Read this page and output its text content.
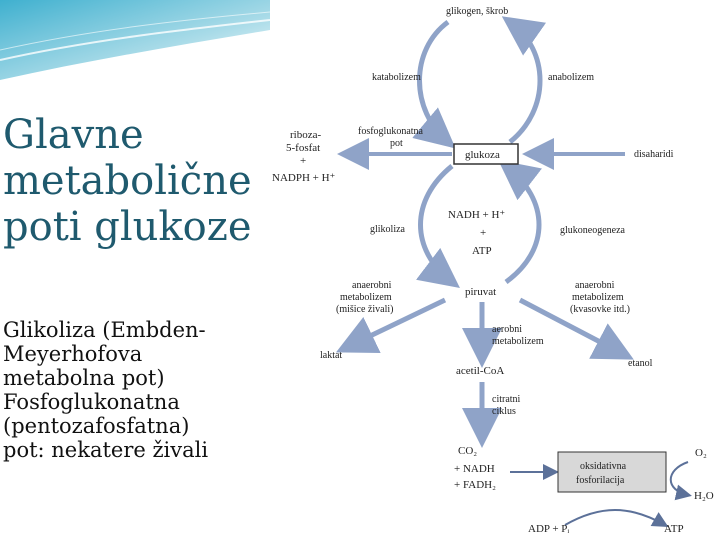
Glavne
metabolične
poti glukoze
Glikoliza (Embden-
Meyerhofova
metabolna pot)
Fosfoglukonatna
(pentozafosfatna)
pot: nekatere živali
glikogen, škrob
katabolizem	anabolizem
riboza-
5-fosfat
+
NADPH + H⁺
fosfoglukonatna
pot
glukoza	disaharidi
glikoliza
NADH + H⁺
+
ATP
glukoneogeneza
anaerobni
metabolizem
(mišice živali)
piruvat
anaerobni
metabolizem
(kvasovke itd.)
laktat
aerobni
metabolizem
etanol
acetil-CoA
citratni
ciklus
CO₂
+ NADH
+ FADH₂
oksidativna
fosforilacija
O₂
H₂O
ADP + Pᵢ	ATP
